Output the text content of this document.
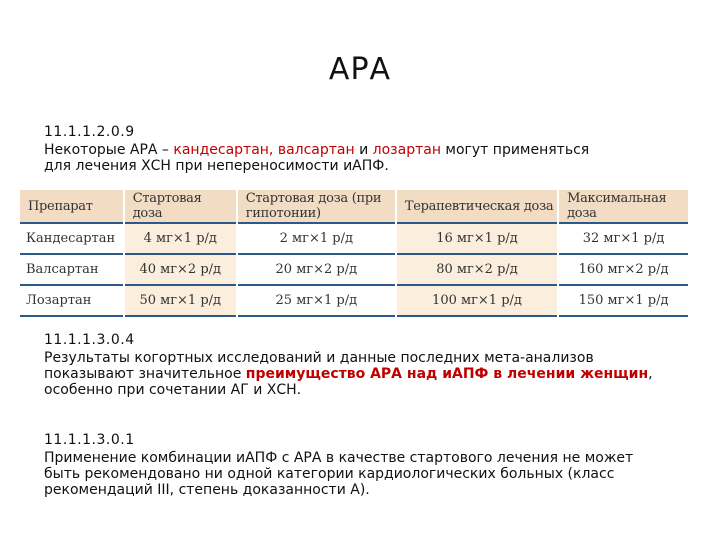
АРА
11.1.1.2.0.9
Некоторые АРА – кандесартан, валсартан и лозартан могут применяться
для лечения ХСН при непереносимости иАПФ.
Препарат	Стартовая доза	Стартовая доза (при гипотонии)	Терапевтическая доза	Максимальная доза
Кандесартан	4 мг×1 р/д	2 мг×1 р/д	16 мг×1 р/д	32 мг×1 р/д
Валсартан	40 мг×2 р/д	20 мг×2 р/д	80 мг×2 р/д	160 мг×2 р/д
Лозартан	50 мг×1 р/д	25 мг×1 р/д	100 мг×1 р/д	150 мг×1 р/д
11.1.1.3.0.4
Результаты когортных исследований и данные последних мета-анализов
показывают значительное преимущество АРА над иАПФ в лечении женщин,
особенно при сочетании АГ и ХСН.
11.1.1.3.0.1
Применение комбинации иАПФ с АРА в качестве стартового лечения не может
быть рекомендовано ни одной категории кардиологических больных (класс
рекомендаций III, степень доказанности А).
